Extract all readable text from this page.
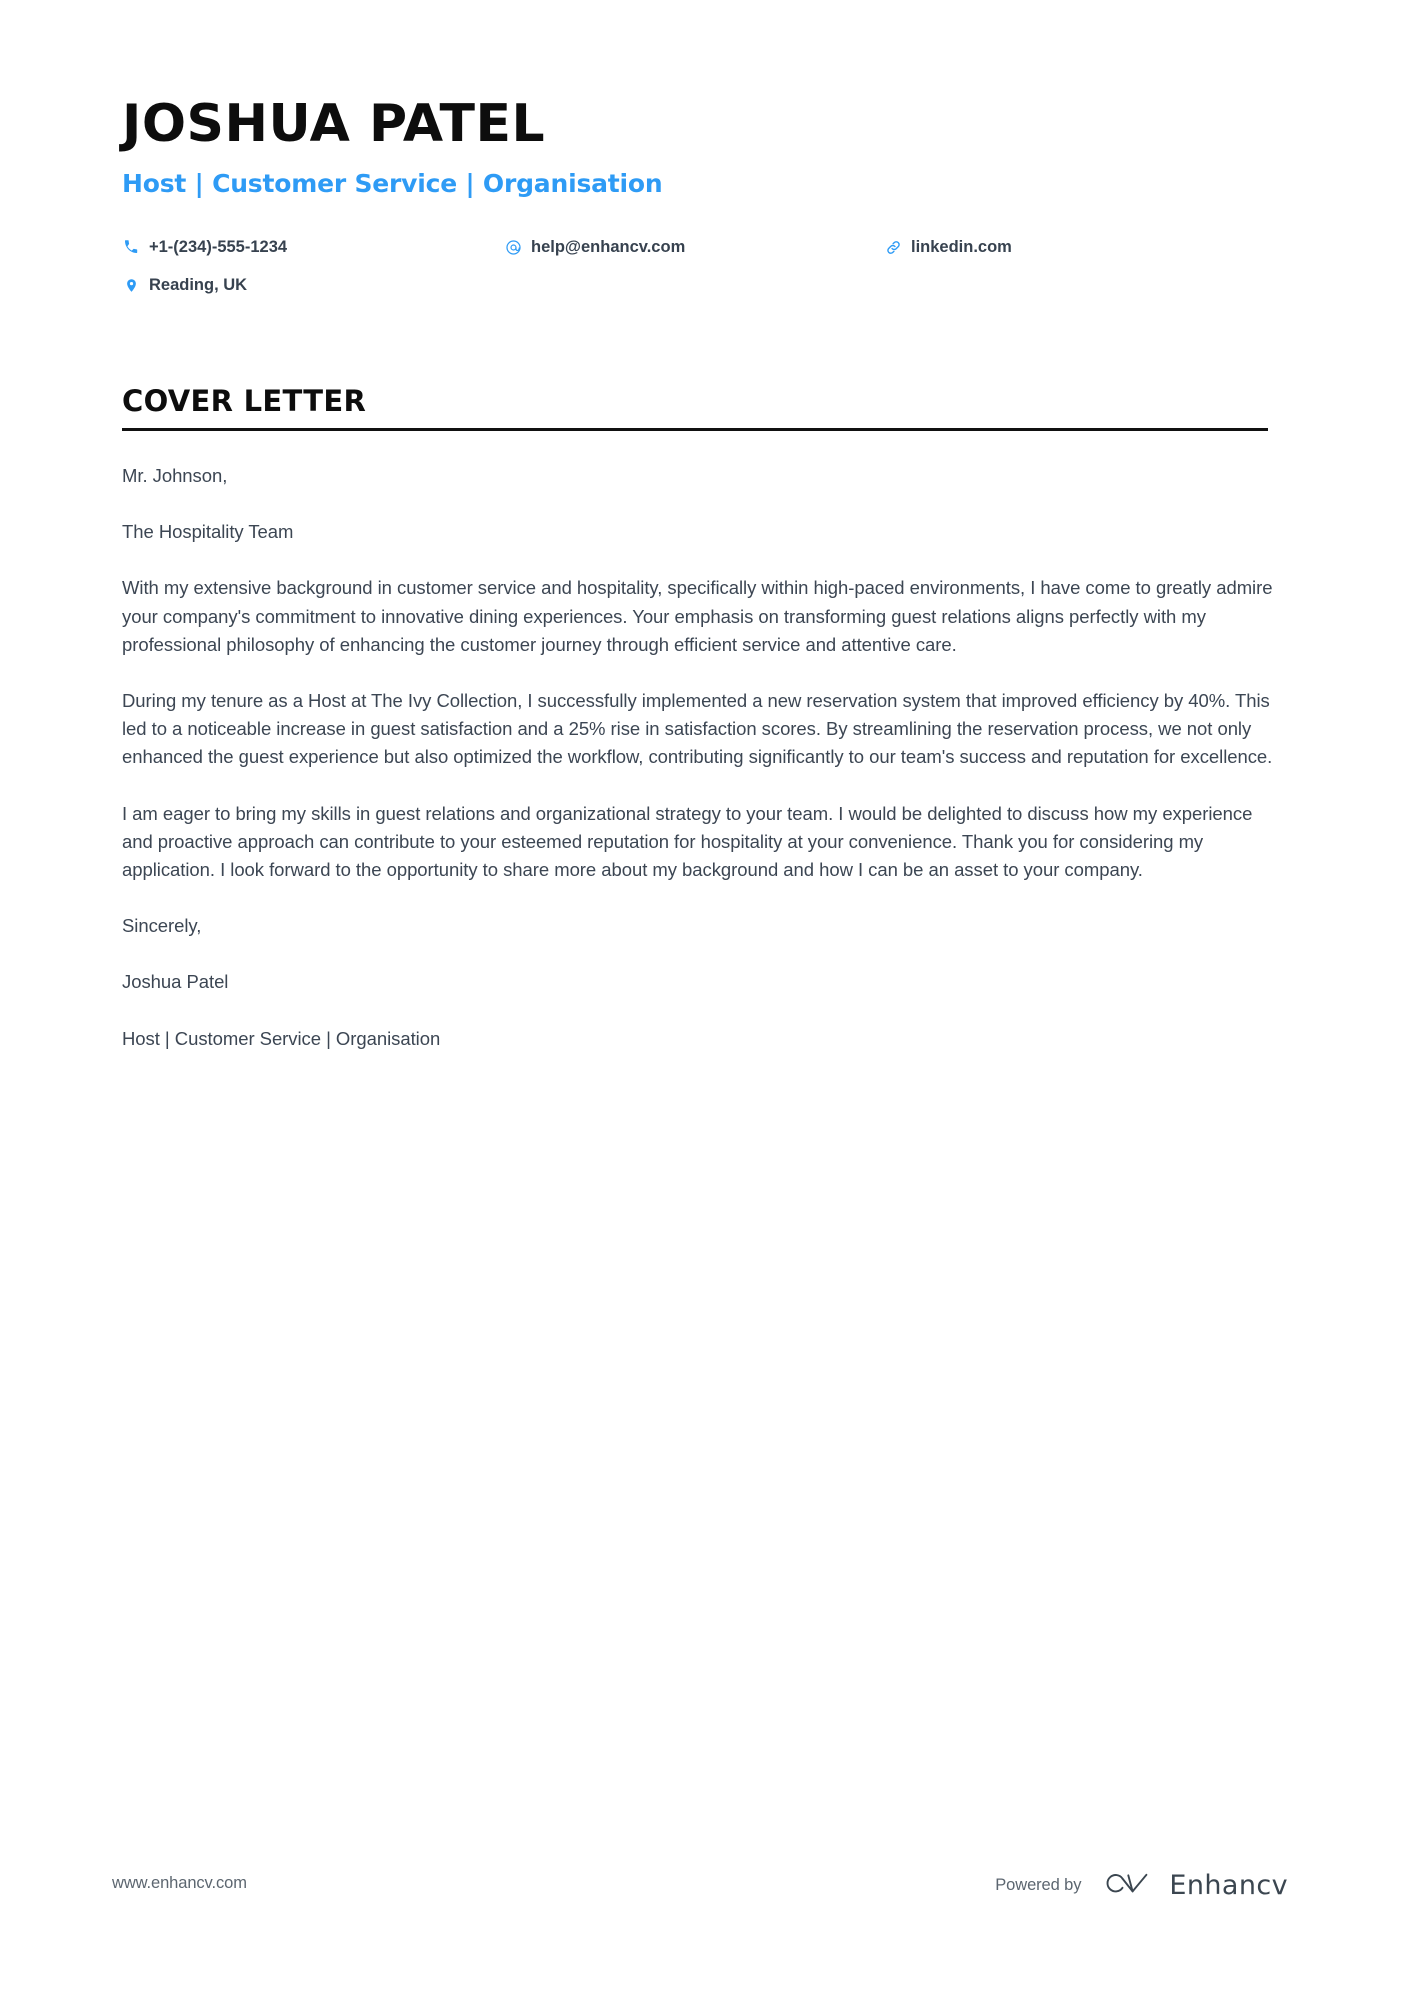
JOSHUA PATEL
Host | Customer Service | Organisation
+1-(234)-555-1234	help@enhancv.com	linkedin.com
Reading, UK
COVER LETTER

Mr. Johnson,

The Hospitality Team

With my extensive background in customer service and hospitality, specifically within high-paced environments, I have come to greatly admire your company's commitment to innovative dining experiences. Your emphasis on transforming guest relations aligns perfectly with my professional philosophy of enhancing the customer journey through efficient service and attentive care.

During my tenure as a Host at The Ivy Collection, I successfully implemented a new reservation system that improved efficiency by 40%. This led to a noticeable increase in guest satisfaction and a 25% rise in satisfaction scores. By streamlining the reservation process, we not only enhanced the guest experience but also optimized the workflow, contributing significantly to our team's success and reputation for excellence.

I am eager to bring my skills in guest relations and organizational strategy to your team. I would be delighted to discuss how my experience and proactive approach can contribute to your esteemed reputation for hospitality at your convenience. Thank you for considering my application. I look forward to the opportunity to share more about my background and how I can be an asset to your company.

Sincerely,

Joshua Patel

Host | Customer Service | Organisation

www.enhancv.com	Powered by	Enhancv
